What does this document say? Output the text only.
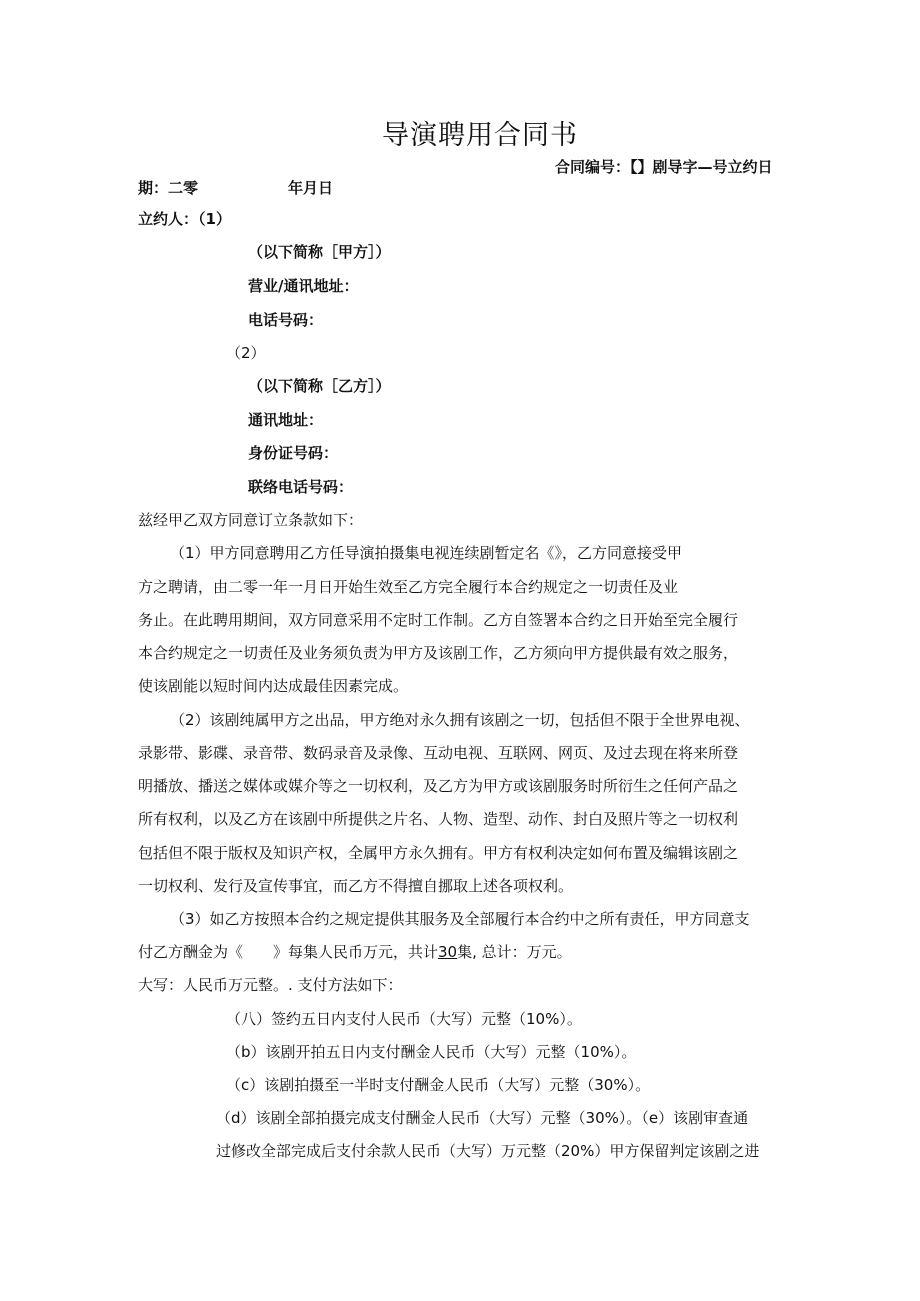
导演聘用合同书
合同编号：【】剧导字—号立约日
期：二零　　　　　　年月日
立约人：（1）
（以下简称［甲方］）
营业/通讯地址：
电话号码：
（2）
（以下简称［乙方］）
通讯地址：
身份证号码：
联络电话号码：
兹经甲乙双方同意订立条款如下：
（1）甲方同意聘用乙方任导演拍摄集电视连续剧暂定名《》，乙方同意接受甲
方之聘请，由二零一年一月日开始生效至乙方完全履行本合约规定之一切责任及业
务止。在此聘用期间，双方同意采用不定时工作制。乙方自签署本合约之日开始至完全履行
本合约规定之一切责任及业务须负责为甲方及该剧工作，乙方须向甲方提供最有效之服务，
使该剧能以短时间内达成最佳因素完成。
（2）该剧纯属甲方之出品，甲方绝对永久拥有该剧之一切，包括但不限于全世界电视、
录影带、影碟、录音带、数码录音及录像、互动电视、互联网、网页、及过去现在将来所登
明播放、播送之媒体或媒介等之一切权利，及乙方为甲方或该剧服务时所衍生之任何产品之
所有权利，以及乙方在该剧中所提供之片名、人物、造型、动作、封白及照片等之一切权利
包括但不限于版权及知识产权，全属甲方永久拥有。甲方有权利决定如何布置及编辑该剧之
一切权利、发行及宣传事宜，而乙方不得擅自挪取上述各项权利。
（3）如乙方按照本合约之规定提供其服务及全部履行本合约中之所有责任，甲方同意支
付乙方酬金为《　　》每集人民币万元，共计30集, 总计：万元。
大写：人民币万元整。. 支付方法如下：
（八）签约五日内支付人民币（大写）元整（10%）。
（b）该剧开拍五日内支付酬金人民币（大写）元整（10%）。
（c）该剧拍摄至一半时支付酬金人民币（大写）元整（30%）。
（d）该剧全部拍摄完成支付酬金人民币（大写）元整（30%）。（e）该剧审查通
过修改全部完成后支付余款人民币（大写）万元整（20%）甲方保留判定该剧之进
